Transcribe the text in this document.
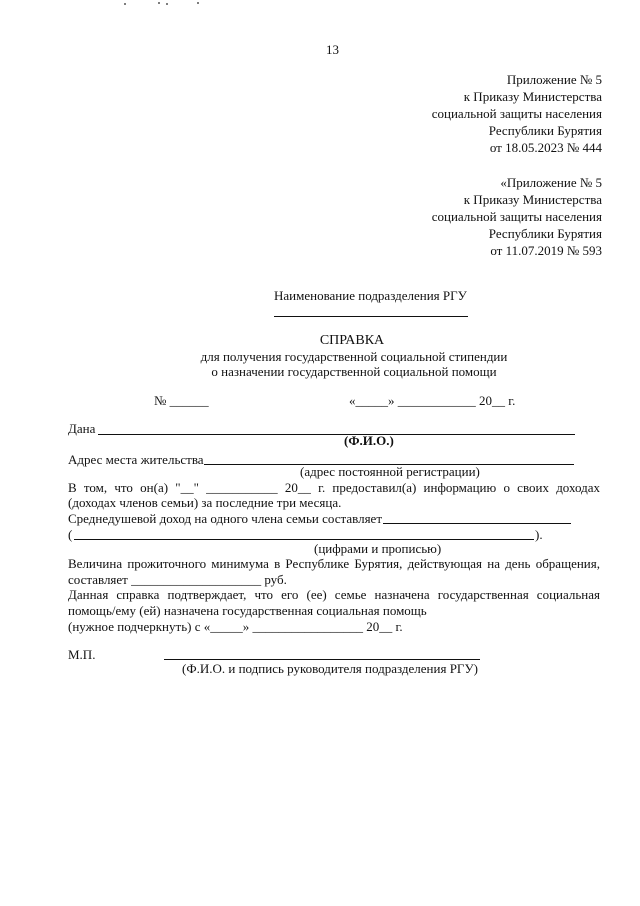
13
Приложение № 5
к Приказу Министерства
социальной защиты населения
Республики Бурятия
от 18.05.2023 № 444
«Приложение № 5
к Приказу Министерства
социальной защиты населения
Республики Бурятия
от 11.07.2019 № 593
Наименование подразделения РГУ
СПРАВКА
для получения государственной социальной стипендии
о назначении государственной социальной помощи
№ ______	«_____» ____________ 20__ г.
Дана
(Ф.И.О.)
Адрес места жительства
(адрес постоянной регистрации)
В том, что он(а) "__" ___________ 20__ г. предоставил(а) информацию о своих доходах
(доходах членов семьи) за последние три месяца.
Среднедушевой доход на одного члена семьи составляет
(	).
(цифрами и прописью)
Величина прожиточного минимума в Республике Бурятия, действующая на день обращения,
составляет ____________________ руб.
Данная справка подтверждает, что его (ее) семье назначена государственная социальная
помощь/ему (ей) назначена государственная социальная помощь
(нужное подчеркнуть) с «_____» _________________ 20__ г.
М.П.
(Ф.И.О. и подпись руководителя подразделения РГУ)
